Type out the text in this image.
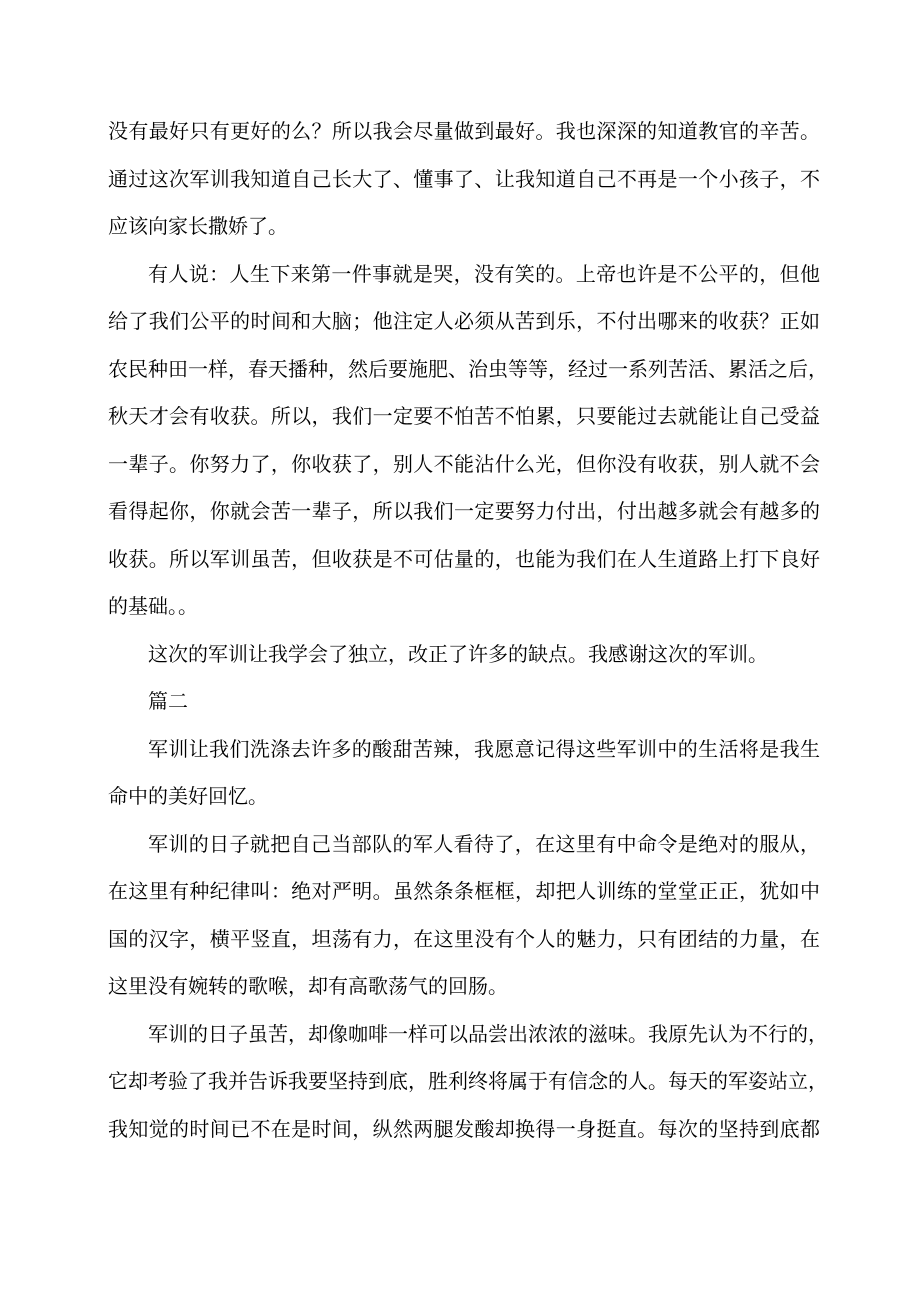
没有最好只有更好的么？所以我会尽量做到最好。我也深深的知道教官的辛苦。
通过这次军训我知道自己长大了、懂事了、让我知道自己不再是一个小孩子，不
应该向家长撒娇了。
有人说：人生下来第一件事就是哭，没有笑的。上帝也许是不公平的，但他
给了我们公平的时间和大脑；他注定人必须从苦到乐，不付出哪来的收获？正如
农民种田一样，春天播种，然后要施肥、治虫等等，经过一系列苦活、累活之后，
秋天才会有收获。所以，我们一定要不怕苦不怕累，只要能过去就能让自己受益
一辈子。你努力了，你收获了，别人不能沾什么光，但你没有收获，别人就不会
看得起你，你就会苦一辈子，所以我们一定要努力付出，付出越多就会有越多的
收获。所以军训虽苦，但收获是不可估量的，也能为我们在人生道路上打下良好
的基础。。
这次的军训让我学会了独立，改正了许多的缺点。我感谢这次的军训。
篇二
军训让我们洗涤去许多的酸甜苦辣，我愿意记得这些军训中的生活将是我生
命中的美好回忆。
军训的日子就把自己当部队的军人看待了，在这里有中命令是绝对的服从，
在这里有种纪律叫：绝对严明。虽然条条框框，却把人训练的堂堂正正，犹如中
国的汉字，横平竖直，坦荡有力，在这里没有个人的魅力，只有团结的力量，在
这里没有婉转的歌喉，却有高歌荡气的回肠。
军训的日子虽苦，却像咖啡一样可以品尝出浓浓的滋味。我原先认为不行的，
它却考验了我并告诉我要坚持到底，胜利终将属于有信念的人。每天的军姿站立，
我知觉的时间已不在是时间，纵然两腿发酸却换得一身挺直。每次的坚持到底都
